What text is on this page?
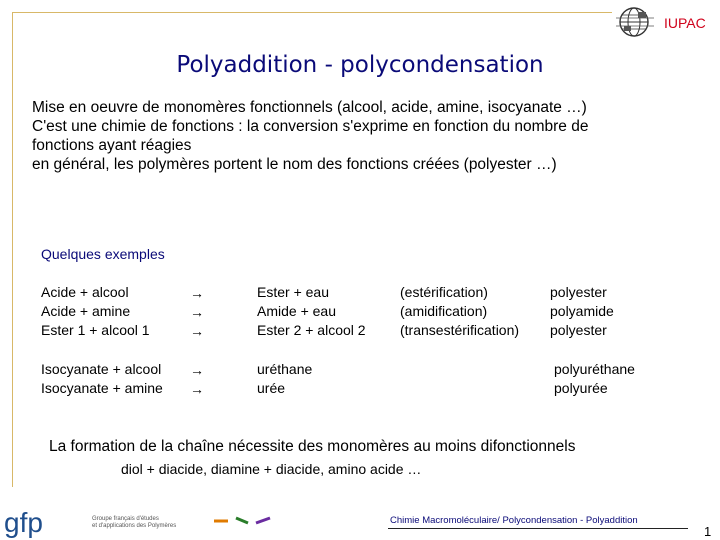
IUPAC
Polyaddition - polycondensation
Mise en oeuvre de monomères fonctionnels (alcool, acide, amine, isocyanate …)
C'est une chimie de fonctions : la conversion s'exprime en fonction du nombre de
fonctions ayant réagies
en général, les polymères portent le nom des fonctions créées (polyester …)
Quelques exemples
Acide + alcool
Acide + amine
Ester 1 + alcool 1
→
→
→
Ester + eau
Amide + eau
Ester 2 + alcool 2
(estérification)
(amidification)
(transestérification)
polyester
polyamide
polyester
Isocyanate + alcool
Isocyanate + amine
→
→
uréthane
urée
polyuréthane
polyurée
La formation de la chaîne nécessite des monomères au moins difonctionnels
diol + diacide, diamine + diacide, amino acide …
gfp	Groupe français d'études
et d'applications des Polymères	Chimie Macromoléculaire/ Polycondensation - Polyaddition
1
